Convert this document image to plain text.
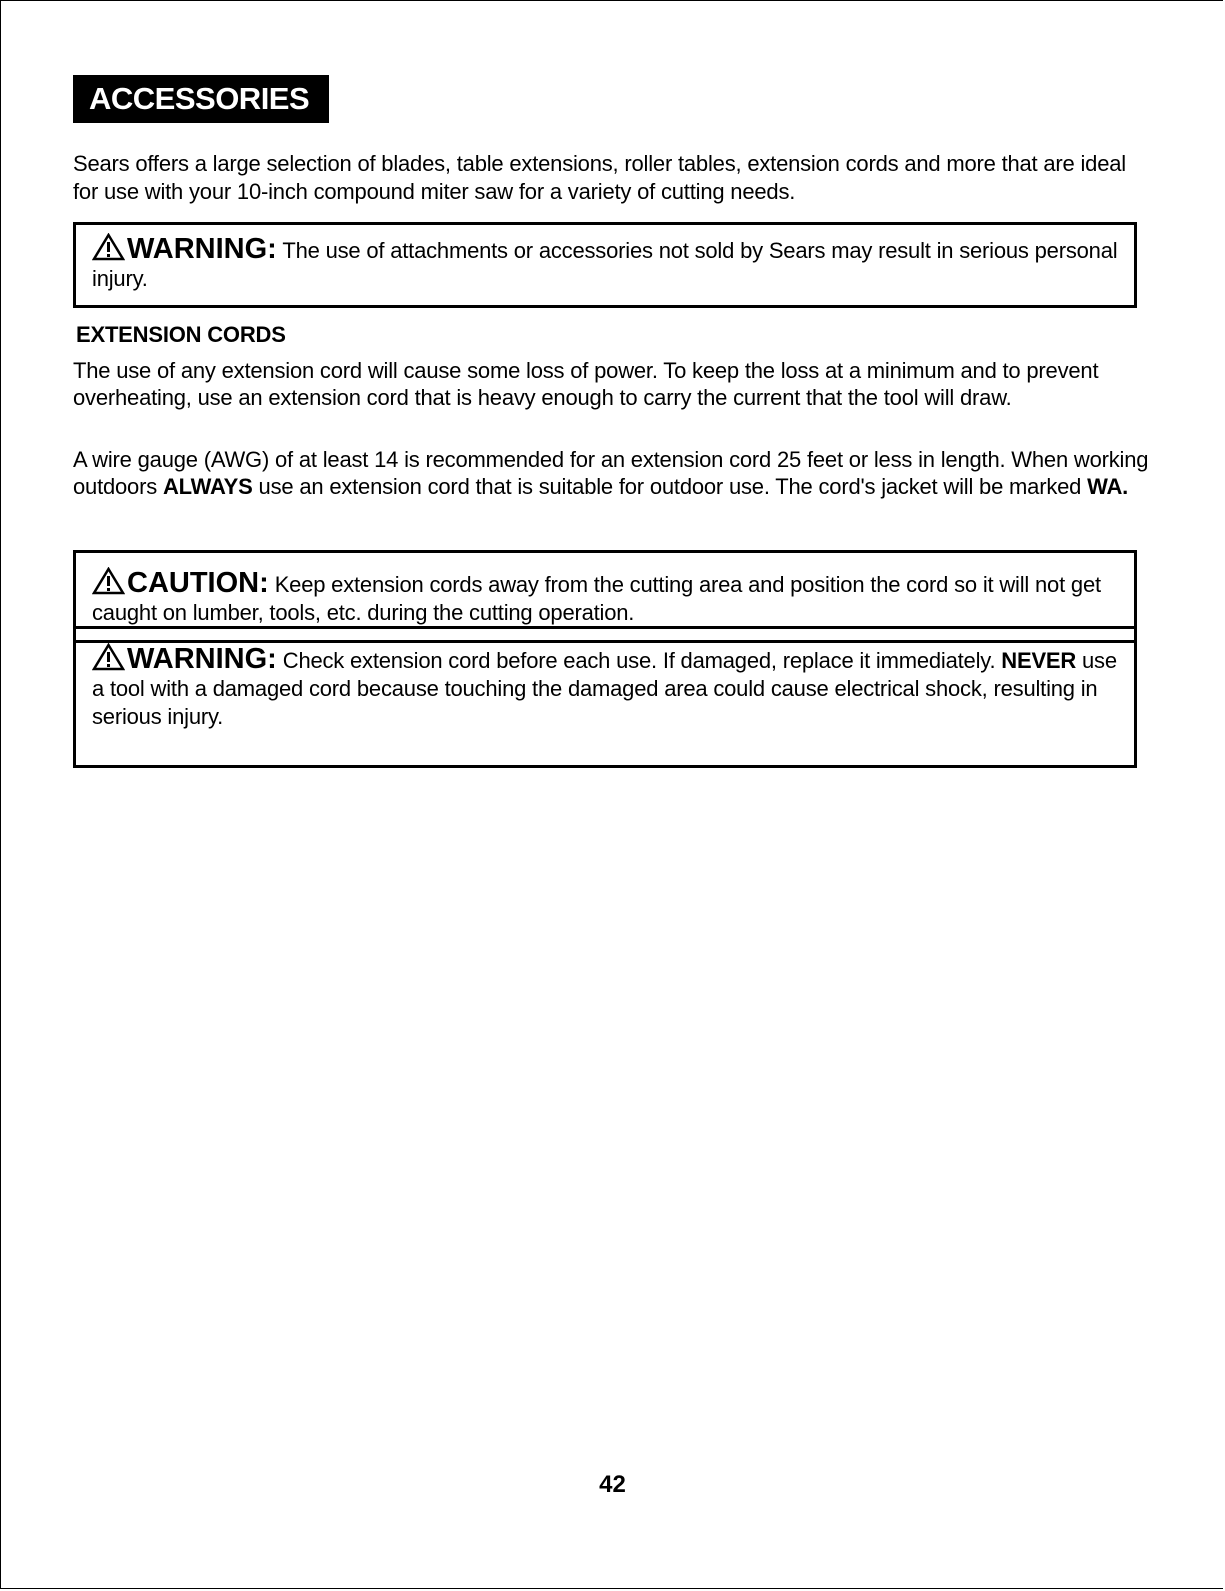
ACCESSORIES

Sears offers a large selection of blades, table extensions, roller tables, extension cords and more that are ideal for use with your 10-inch compound miter saw for a variety of cutting needs.

WARNING: The use of attachments or accessories not sold by Sears may result in serious personal injury.
EXTENSION CORDS

The use of any extension cord will cause some loss of power. To keep the loss at a minimum and to prevent overheating, use an extension cord that is heavy enough to carry the current that the tool will draw.

A wire gauge (AWG) of at least 14 is recommended for an extension cord 25 feet or less in length. When working outdoors ALWAYS use an extension cord that is suitable for outdoor use. The cord's jacket will be marked WA.

CAUTION: Keep extension cords away from the cutting area and position the cord so it will not get caught on lumber, tools, etc. during the cutting operation.
WARNING: Check extension cord before each use. If damaged, replace it immediately. NEVER use a tool with a damaged cord because touching the damaged area could cause electrical shock, resulting in serious injury.
42
